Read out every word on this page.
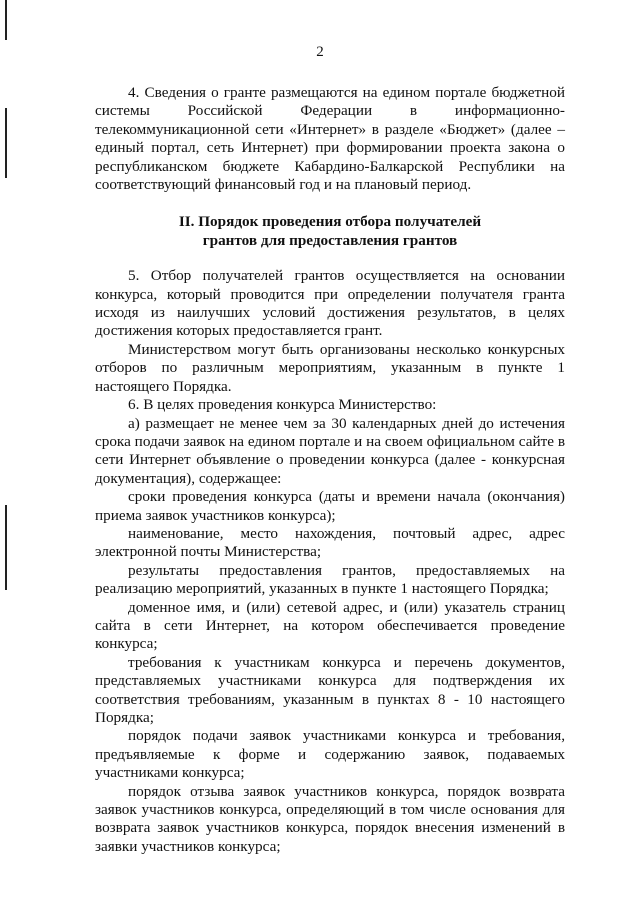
2

4. Сведения о гранте размещаются на едином портале бюджетной системы Российской Федерации в информационно-телекоммуникационной сети «Интернет» в разделе «Бюджет» (далее – единый портал, сеть Интернет) при формировании проекта закона о республиканском бюджете Кабардино-Балкарской Республики на соответствующий финансовый год и на плановый период.

II. Порядок проведения отбора получателей
грантов для предоставления грантов

5. Отбор получателей грантов осуществляется на основании конкурса, который проводится при определении получателя гранта исходя из наилучших условий достижения результатов, в целях достижения которых предоставляется грант.

Министерством могут быть организованы несколько конкурсных отборов по различным мероприятиям, указанным в пункте 1 настоящего Порядка.

6. В целях проведения конкурса Министерство:

а) размещает не менее чем за 30 календарных дней до истечения срока подачи заявок на едином портале и на своем официальном сайте в сети Интернет объявление о проведении конкурса (далее - конкурсная документация), содержащее:

сроки проведения конкурса (даты и времени начала (окончания) приема заявок участников конкурса);

наименование, место нахождения, почтовый адрес, адрес электронной почты Министерства;

результаты предоставления грантов, предоставляемых на реализацию мероприятий, указанных в пункте 1 настоящего Порядка;

доменное имя, и (или) сетевой адрес, и (или) указатель страниц сайта в сети Интернет, на котором обеспечивается проведение конкурса;

требования к участникам конкурса и перечень документов, представляемых участниками конкурса для подтверждения их соответствия требованиям, указанным в пунктах 8 - 10 настоящего Порядка;

порядок подачи заявок участниками конкурса и требования, предъявляемые к форме и содержанию заявок, подаваемых участниками конкурса;

порядок отзыва заявок участников конкурса, порядок возврата заявок участников конкурса, определяющий в том числе основания для возврата заявок участников конкурса, порядок внесения изменений в заявки участников конкурса;
